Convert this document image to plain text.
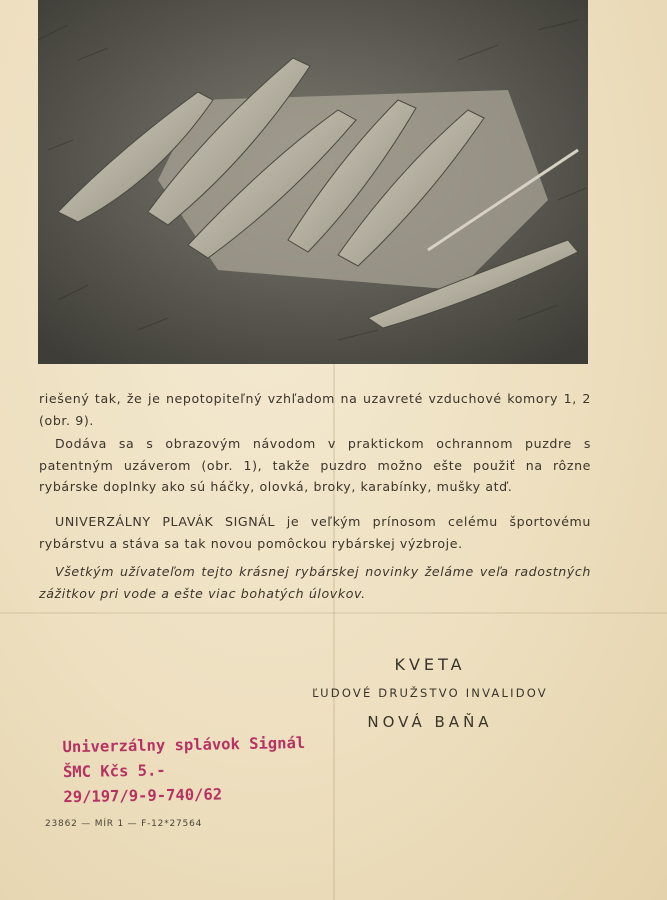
riešený tak, že je nepotopiteľný vzhľadom na uzavreté vzduchové komory 1, 2 (obr. 9).
Dodáva sa s obrazovým návodom v praktickom ochrannom puzdre s patentným uzáverom (obr. 1), takže puzdro možno ešte použiť na rôzne rybárske doplnky ako sú háčky, olovká, broky, karabínky, mušky atď.
UNIVERZÁLNY PLAVÁK SIGNÁL je veľkým prínosom celému športovému rybárstvu a stáva sa tak novou pomôckou rybárskej výzbroje.
Všetkým užívateľom tejto krásnej rybárskej novinky želáme veľa radostných zážitkov pri vode a ešte viac bohatých úlovkov.
KVETA
ĽUDOVÉ DRUŽSTVO INVALIDOV
NOVÁ BAŇA
Univerzálny splávok Signál
ŠMC Kčs 5.-
29/197/9-9-740/62
23862 — MÍR 1 — F-12*27564
